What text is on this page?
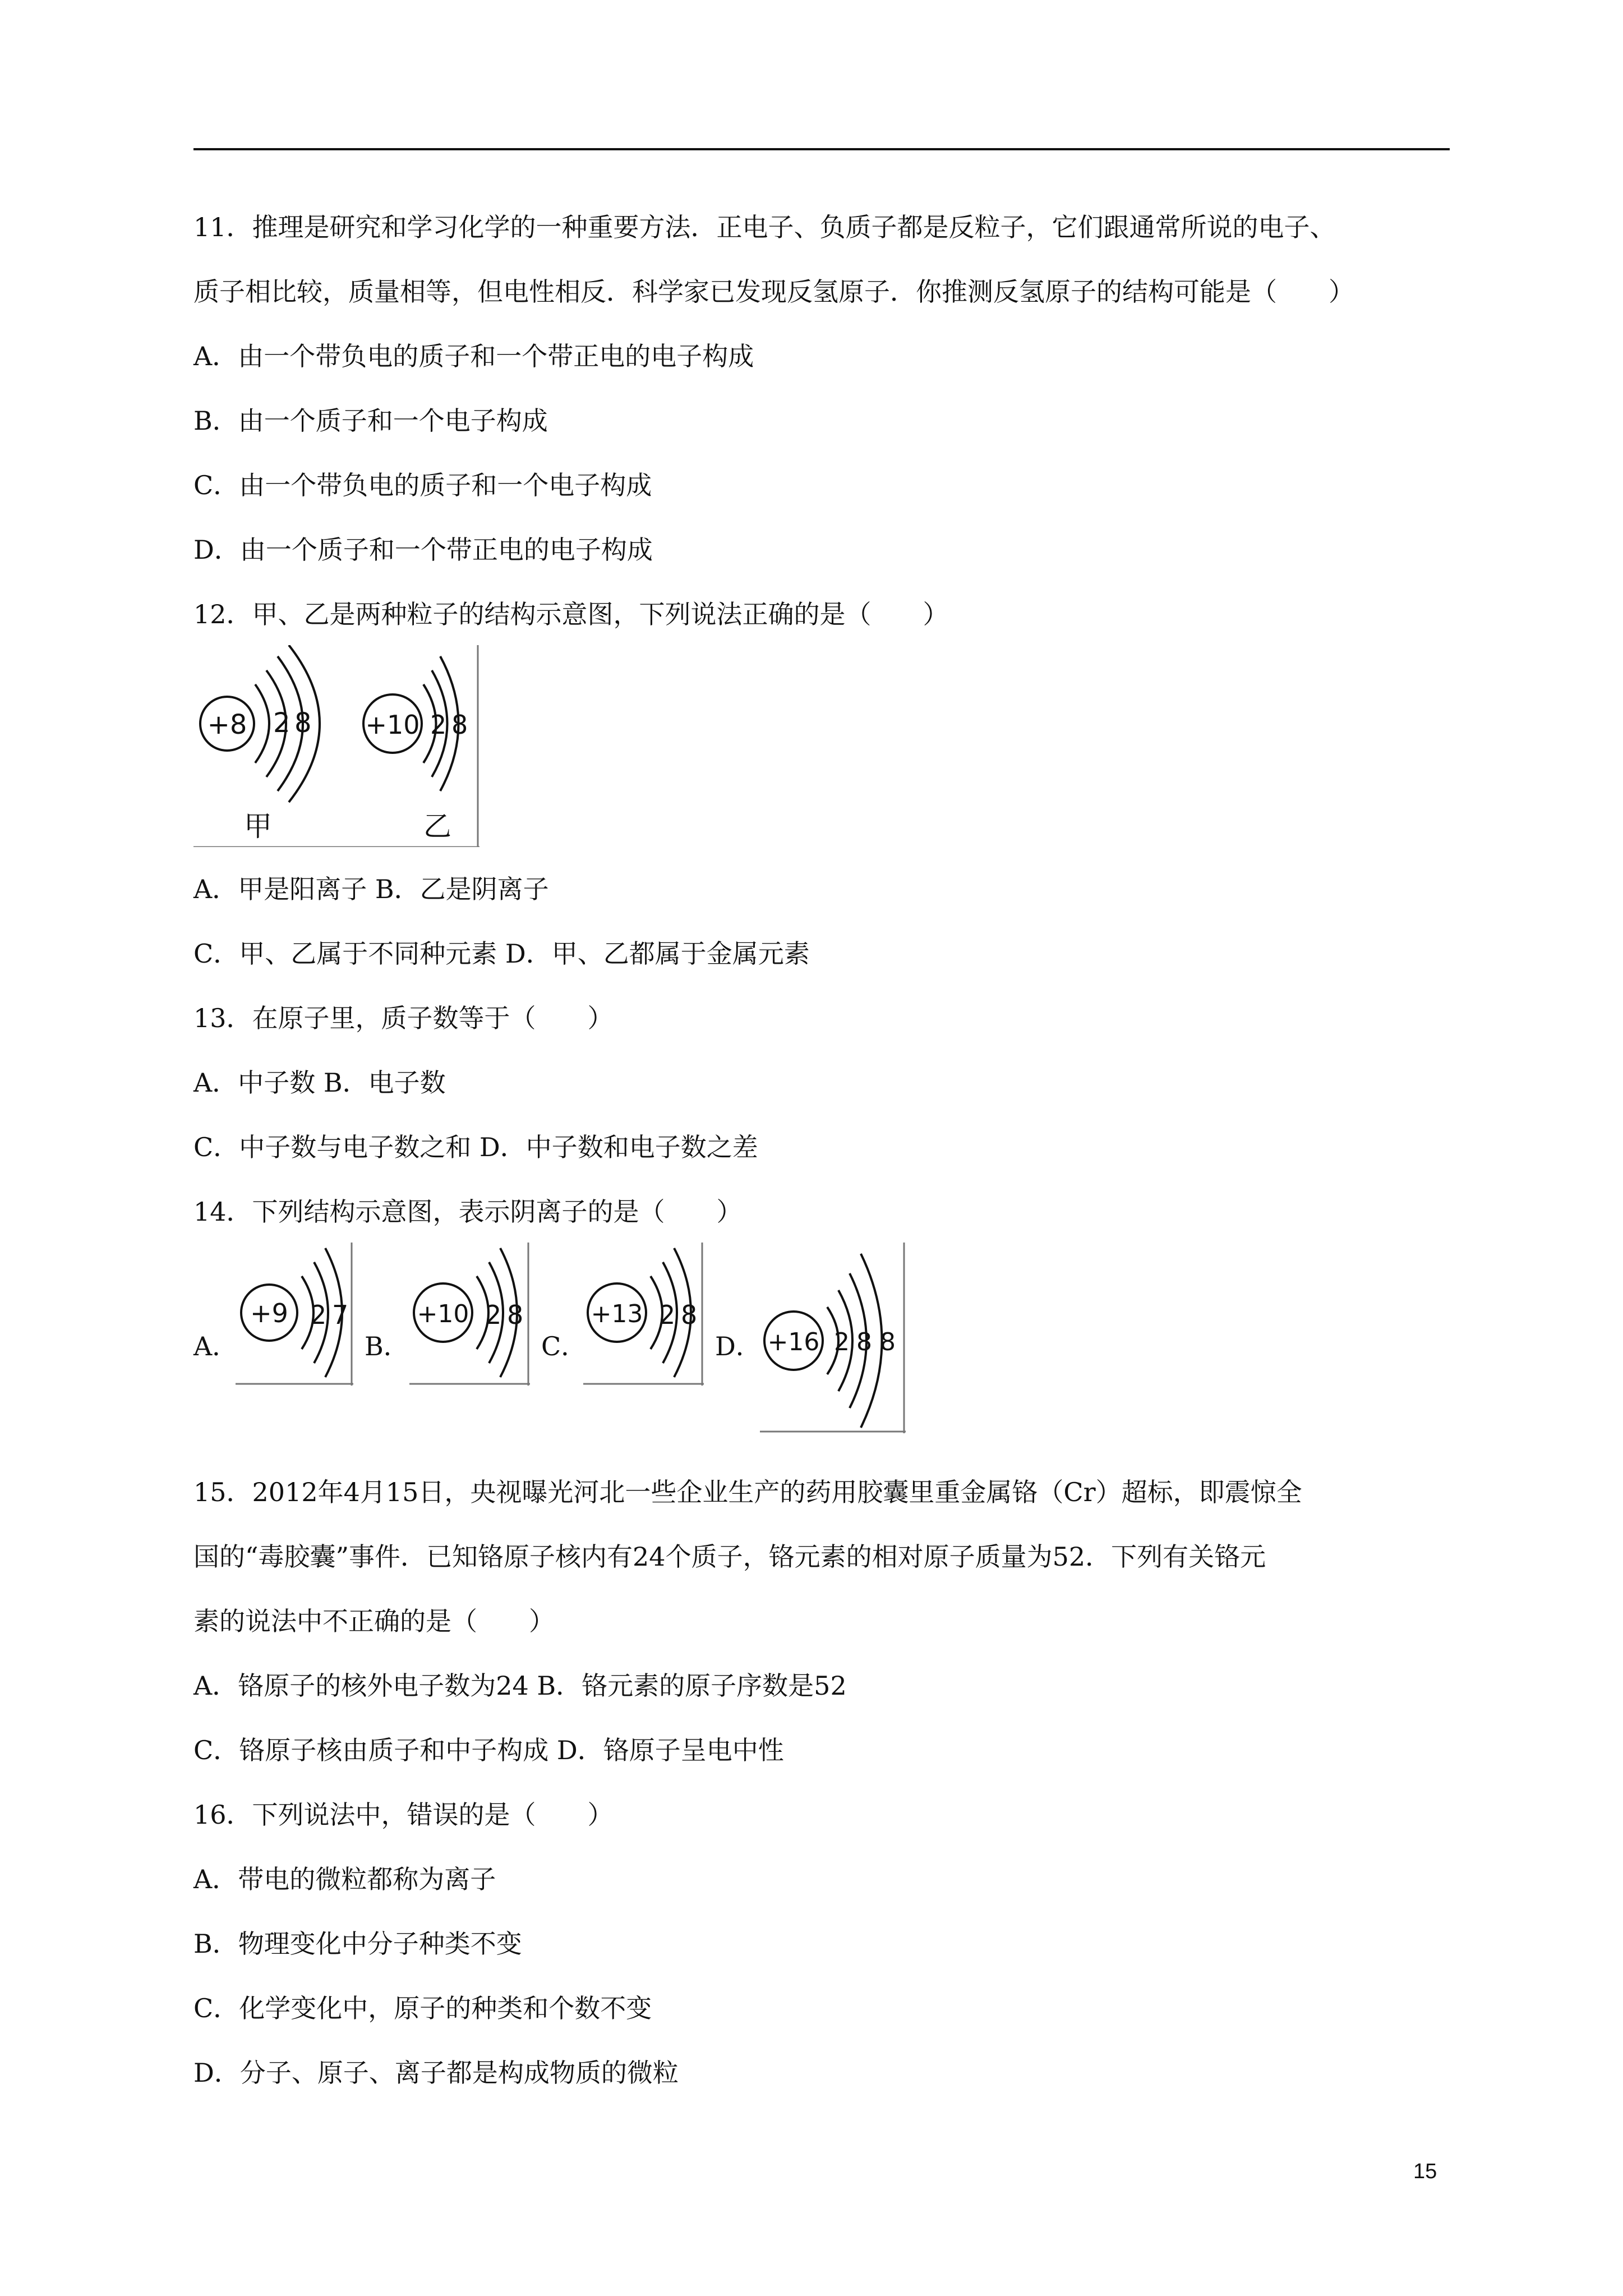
11．推理是研究和学习化学的一种重要方法．正电子、负质子都是反粒子，它们跟通常所说的电子、
质子相比较，质量相等，但电性相反．科学家已发现反氢原子．你推测反氢原子的结构可能是（　　）
A．由一个带负电的质子和一个带正电的电子构成
B．由一个质子和一个电子构成
C．由一个带负电的质子和一个电子构成
D．由一个质子和一个带正电的电子构成
12．甲、乙是两种粒子的结构示意图，下列说法正确的是（　　）
+8 2 8
甲
+10 2 8
乙
A．甲是阳离子 B．乙是阴离子
C．甲、乙属于不同种元素 D．甲、乙都属于金属元素
13．在原子里，质子数等于（　　）
A．中子数 B．电子数
C．中子数与电子数之和 D．中子数和电子数之差
14．下列结构示意图，表示阴离子的是（　　）
A．
+9 2 7
B．
+10 2 8
C．
+13 2 8
D． +16 2 8 8
15．2012年4月15日，央视曝光河北一些企业生产的药用胶囊里重金属铬（Cr）超标，即震惊全
国的“毒胶囊”事件．已知铬原子核内有24个质子，铬元素的相对原子质量为52．下列有关铬元
素的说法中不正确的是（　　）
A．铬原子的核外电子数为24 B．铬元素的原子序数是52
C．铬原子核由质子和中子构成 D．铬原子呈电中性
16．下列说法中，错误的是（　　）
A．带电的微粒都称为离子
B．物理变化中分子种类不变
C．化学变化中，原子的种类和个数不变
D．分子、原子、离子都是构成物质的微粒
15
